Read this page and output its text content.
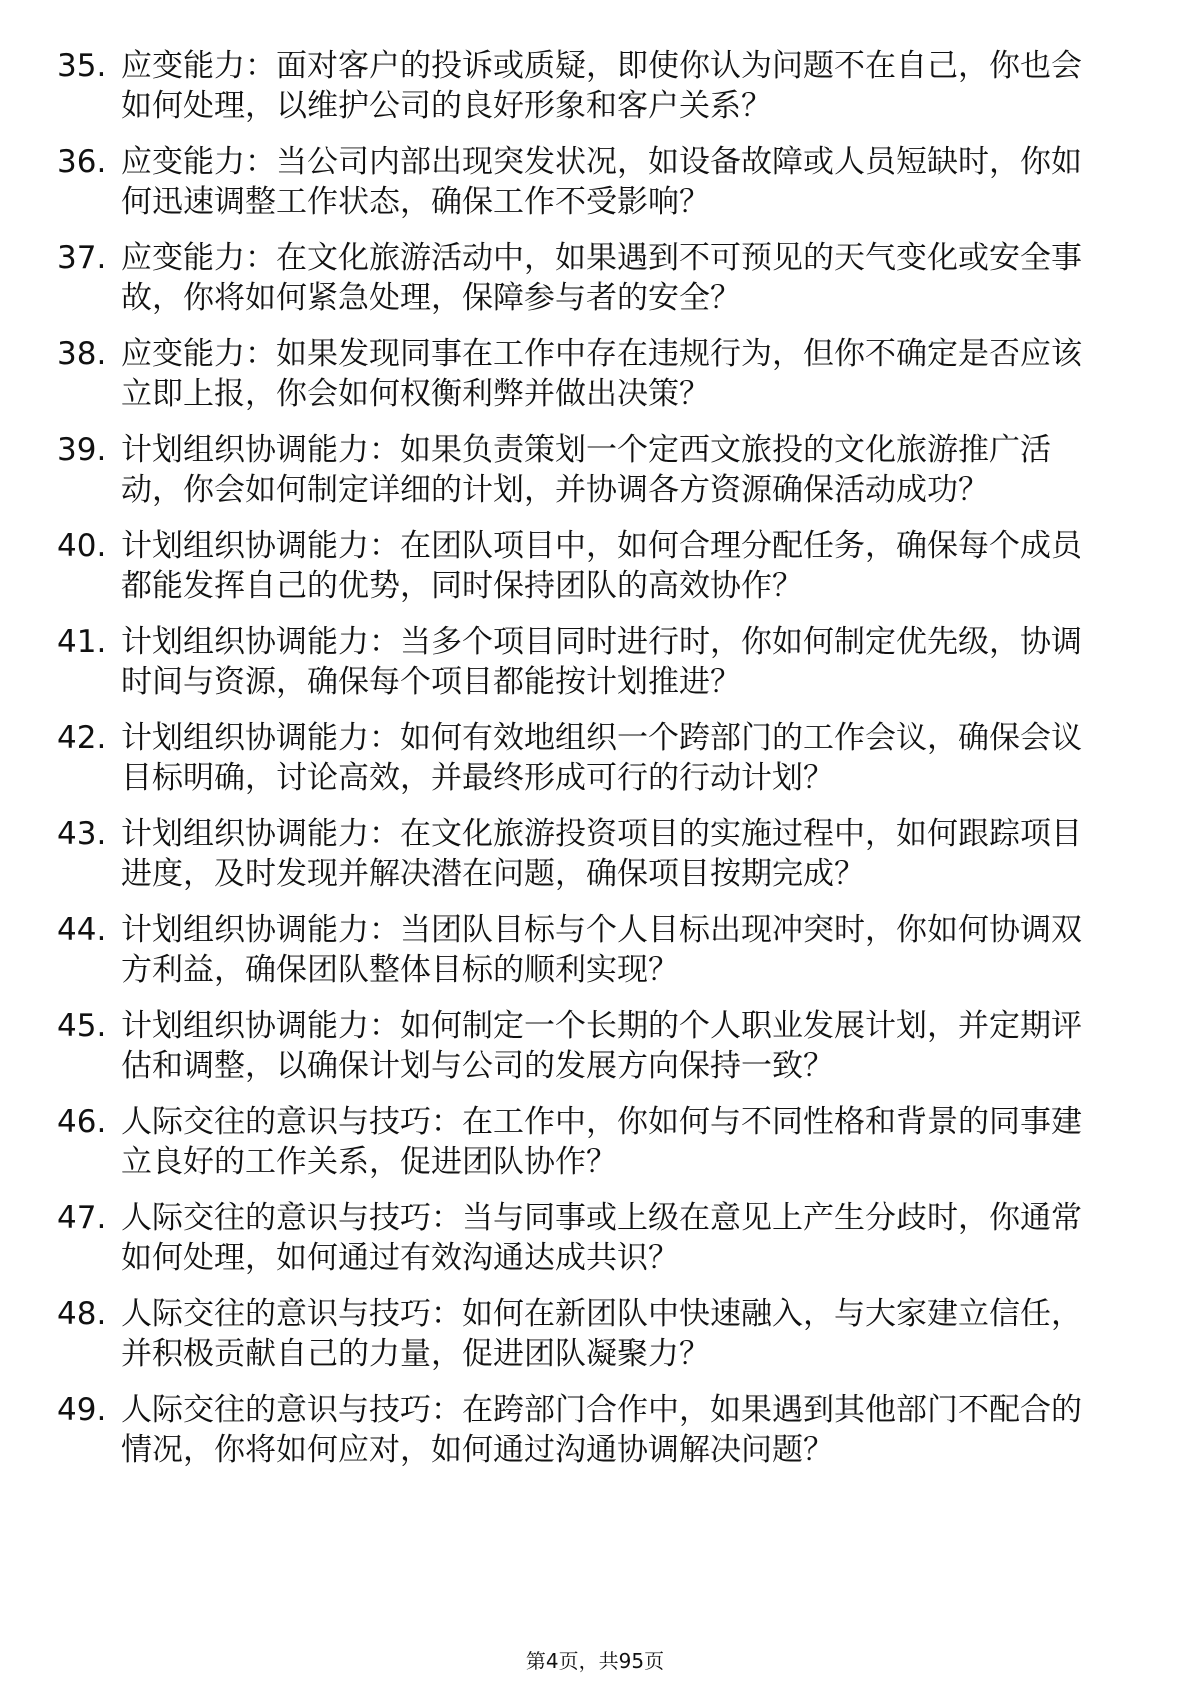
35. 应变能力：面对客户的投诉或质疑，即使你认为问题不在自己，你也会如何处理，以维护公司的良好形象和客户关系？
36. 应变能力：当公司内部出现突发状况，如设备故障或人员短缺时，你如何迅速调整工作状态，确保工作不受影响？
37. 应变能力：在文化旅游活动中，如果遇到不可预见的天气变化或安全事故，你将如何紧急处理，保障参与者的安全？
38. 应变能力：如果发现同事在工作中存在违规行为，但你不确定是否应该立即上报，你会如何权衡利弊并做出决策？
39. 计划组织协调能力：如果负责策划一个定西文旅投的文化旅游推广活动，你会如何制定详细的计划，并协调各方资源确保活动成功？
40. 计划组织协调能力：在团队项目中，如何合理分配任务，确保每个成员都能发挥自己的优势，同时保持团队的高效协作？
41. 计划组织协调能力：当多个项目同时进行时，你如何制定优先级，协调时间与资源，确保每个项目都能按计划推进？
42. 计划组织协调能力：如何有效地组织一个跨部门的工作会议，确保会议目标明确，讨论高效，并最终形成可行的行动计划？
43. 计划组织协调能力：在文化旅游投资项目的实施过程中，如何跟踪项目进度，及时发现并解决潜在问题，确保项目按期完成？
44. 计划组织协调能力：当团队目标与个人目标出现冲突时，你如何协调双方利益，确保团队整体目标的顺利实现？
45. 计划组织协调能力：如何制定一个长期的个人职业发展计划，并定期评估和调整，以确保计划与公司的发展方向保持一致？
46. 人际交往的意识与技巧：在工作中，你如何与不同性格和背景的同事建立良好的工作关系，促进团队协作？
47. 人际交往的意识与技巧：当与同事或上级在意见上产生分歧时，你通常如何处理，如何通过有效沟通达成共识？
48. 人际交往的意识与技巧：如何在新团队中快速融入，与大家建立信任，并积极贡献自己的力量，促进团队凝聚力？
49. 人际交往的意识与技巧：在跨部门合作中，如果遇到其他部门不配合的情况，你将如何应对，如何通过沟通协调解决问题？
第4页，共95页
